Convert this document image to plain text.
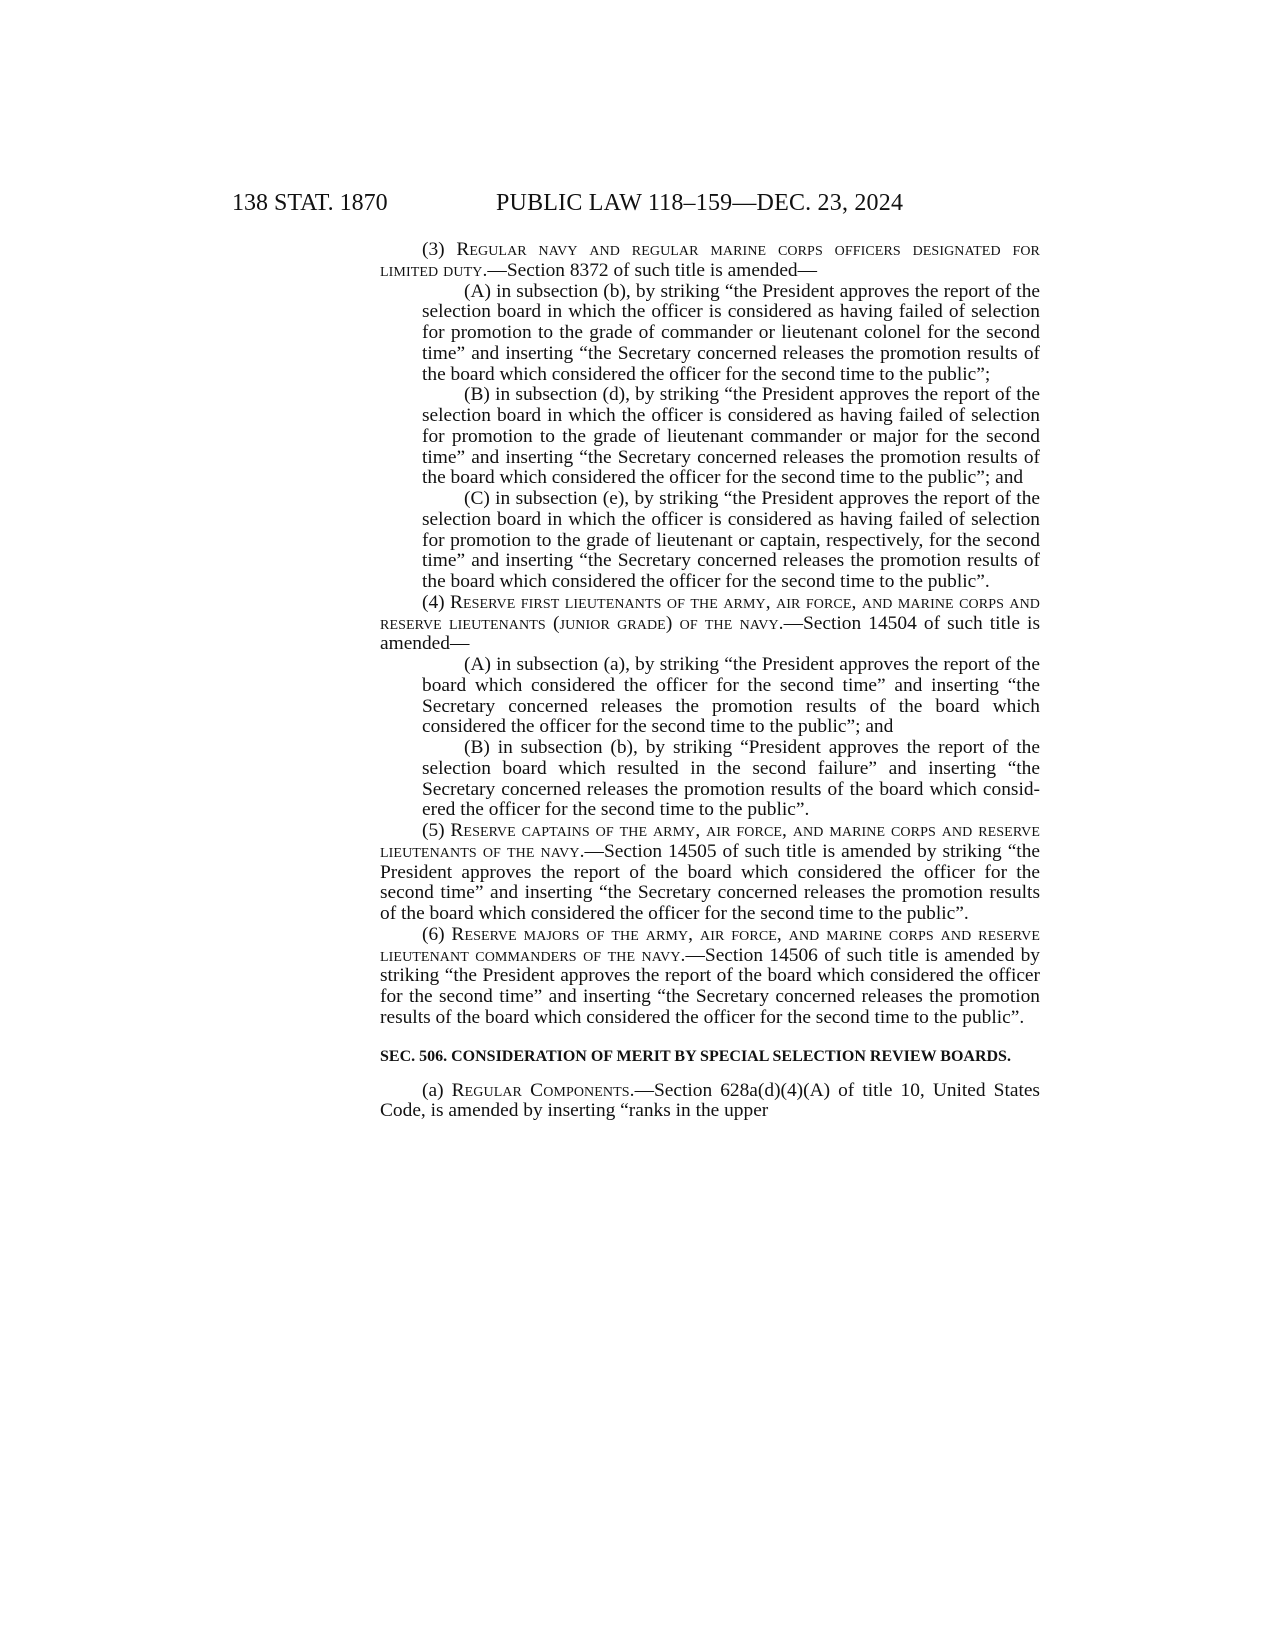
138 STAT. 1870	PUBLIC LAW 118–159—DEC. 23, 2024

(3) Regular navy and regular marine corps officers designated for limited duty.—Section 8372 of such title is amended—

(A) in subsection (b), by striking “the President approves the report of the selection board in which the officer is considered as having failed of selection for promotion to the grade of commander or lieutenant colonel for the second time” and inserting “the Secretary concerned releases the promotion results of the board which considered the officer for the second time to the public”;

(B) in subsection (d), by striking “the President approves the report of the selection board in which the officer is considered as having failed of selection for promotion to the grade of lieutenant commander or major for the second time” and inserting “the Secretary concerned releases the promotion results of the board which considered the officer for the second time to the public”; and

(C) in subsection (e), by striking “the President approves the report of the selection board in which the officer is considered as having failed of selection for promotion to the grade of lieutenant or captain, respectively, for the second time” and inserting “the Secretary concerned releases the promotion results of the board which considered the officer for the second time to the public”.

(4) Reserve first lieutenants of the army, air force, and marine corps and reserve lieutenants (junior grade) of the navy.—Section 14504 of such title is amended—

(A) in subsection (a), by striking “the President approves the report of the board which considered the officer for the second time” and inserting “the Secretary concerned releases the promotion results of the board which considered the officer for the second time to the public”; and

(B) in subsection (b), by striking “President approves the report of the selection board which resulted in the second failure” and inserting “the Secretary concerned releases the promotion results of the board which considered the officer for the second time to the public”.

(5) Reserve captains of the army, air force, and marine corps and reserve lieutenants of the navy.—Section 14505 of such title is amended by striking “the President approves the report of the board which considered the officer for the second time” and inserting “the Secretary concerned releases the promotion results of the board which considered the officer for the second time to the public”.

(6) Reserve majors of the army, air force, and marine corps and reserve lieutenant commanders of the navy.—Section 14506 of such title is amended by striking “the President approves the report of the board which considered the officer for the second time” and inserting “the Secretary concerned releases the promotion results of the board which considered the officer for the second time to the public”.

SEC. 506. CONSIDERATION OF MERIT BY SPECIAL SELECTION REVIEW BOARDS.

(a) Regular Components.—Section 628a(d)(4)(A) of title 10, United States Code, is amended by inserting “ranks in the upper
